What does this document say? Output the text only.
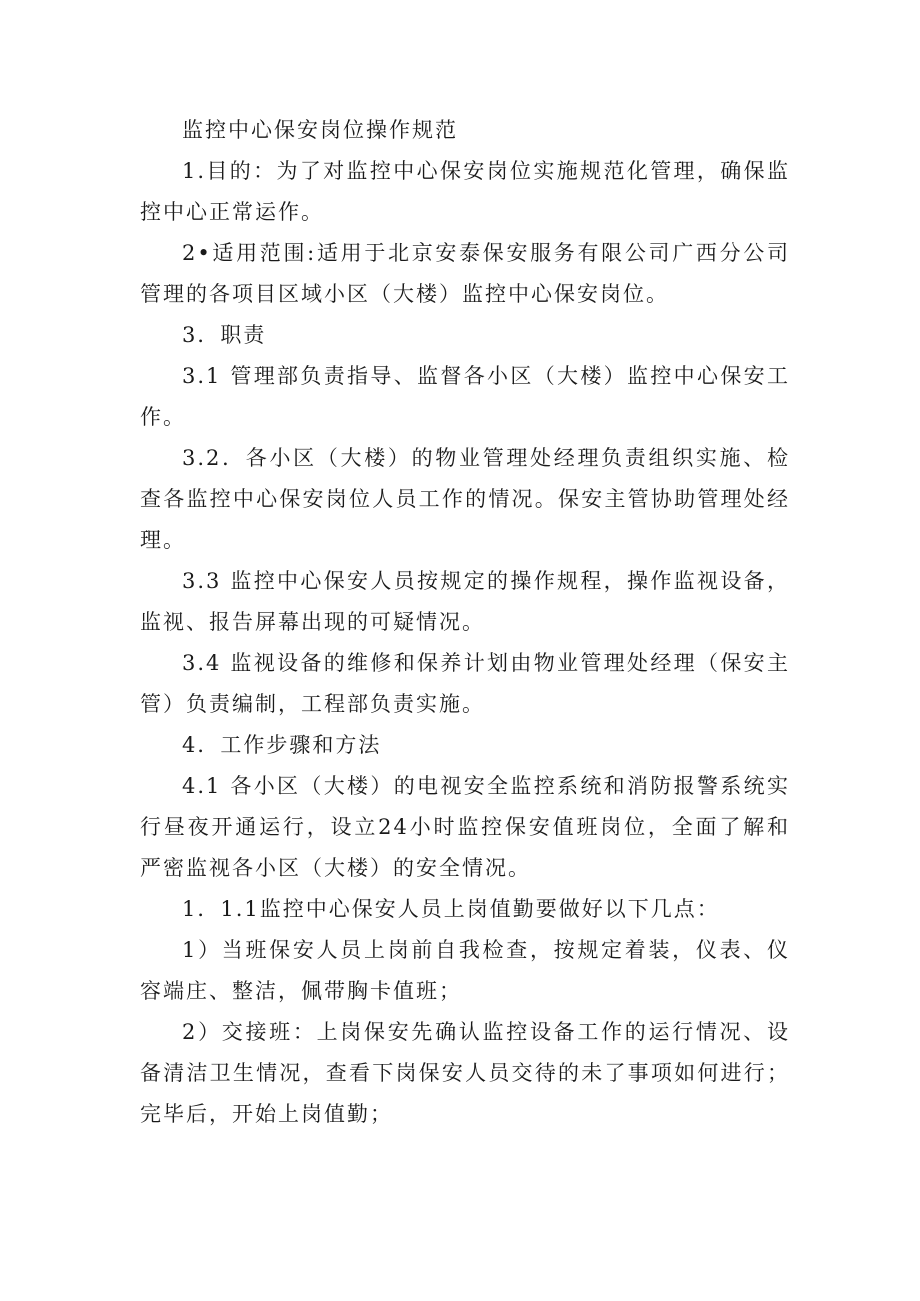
监控中心保安岗位操作规范

1.目的：为了对监控中心保安岗位实施规范化管理，确保监控中心正常运作。

2•适用范围:适用于北京安泰保安服务有限公司广西分公司管理的各项目区域小区（大楼）监控中心保安岗位。

3．职责

3.1 管理部负责指导、监督各小区（大楼）监控中心保安工作。

3.2．各小区（大楼）的物业管理处经理负责组织实施、检查各监控中心保安岗位人员工作的情况。保安主管协助管理处经理。

3.3 监控中心保安人员按规定的操作规程，操作监视设备，监视、报告屏幕出现的可疑情况。

3.4 监视设备的维修和保养计划由物业管理处经理（保安主管）负责编制，工程部负责实施。

4．工作步骤和方法

4.1 各小区（大楼）的电视安全监控系统和消防报警系统实行昼夜开通运行，设立24小时监控保安值班岗位，全面了解和严密监视各小区（大楼）的安全情况。

1．1.1监控中心保安人员上岗值勤要做好以下几点：

1）当班保安人员上岗前自我检查，按规定着装，仪表、仪容端庄、整洁，佩带胸卡值班；

2）交接班：上岗保安先确认监控设备工作的运行情况、设备清洁卫生情况，查看下岗保安人员交待的未了事项如何进行；完毕后，开始上岗值勤；
